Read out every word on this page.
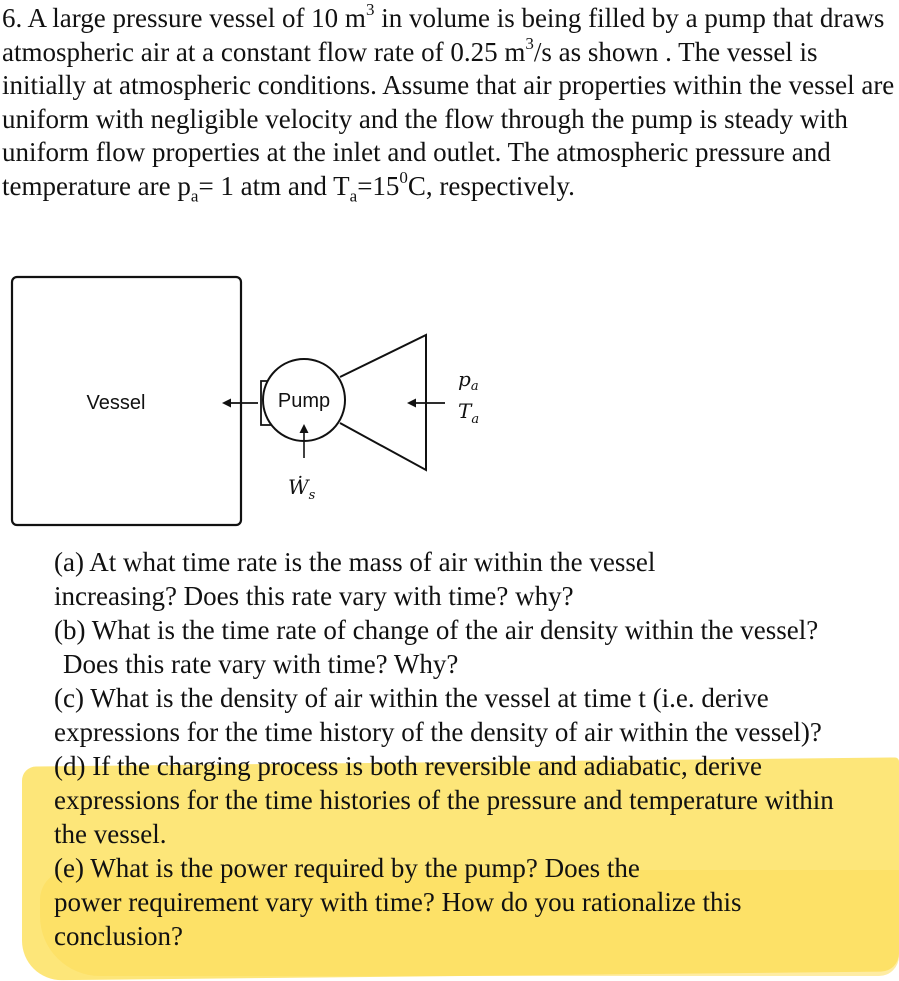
6. A large pressure vessel of 10 $m^3$ in volume is being filled by a pump that draws atmospheric air at a constant flow rate of 0.25 $m^3/s$ as shown . The vessel is initially at atmospheric conditions. Assume that air properties within the vessel are uniform with negligible velocity and the flow through the pump is steady with uniform flow properties at the inlet and outlet. The atmospheric pressure and temperature are $p_a= 1$ atm and $T_a=15^0C$, respectively.

Vessel	Pump
Ẇ$_s$
$p_a$
$T_a$

(a) At what time rate is the mass of air within the vessel
increasing? Does this rate vary with time? why?

(b) What is the time rate of change of the air density within the vessel?
Does this rate vary with time? Why?

(c) What is the density of air within the vessel at time t (i.e. derive
expressions for the time history of the density of air within the vessel)?

(d) If the charging process is both reversible and adiabatic, derive
expressions for the time histories of the pressure and temperature within
the vessel.

(e) What is the power required by the pump? Does the
power requirement vary with time? How do you rationalize this
conclusion?
